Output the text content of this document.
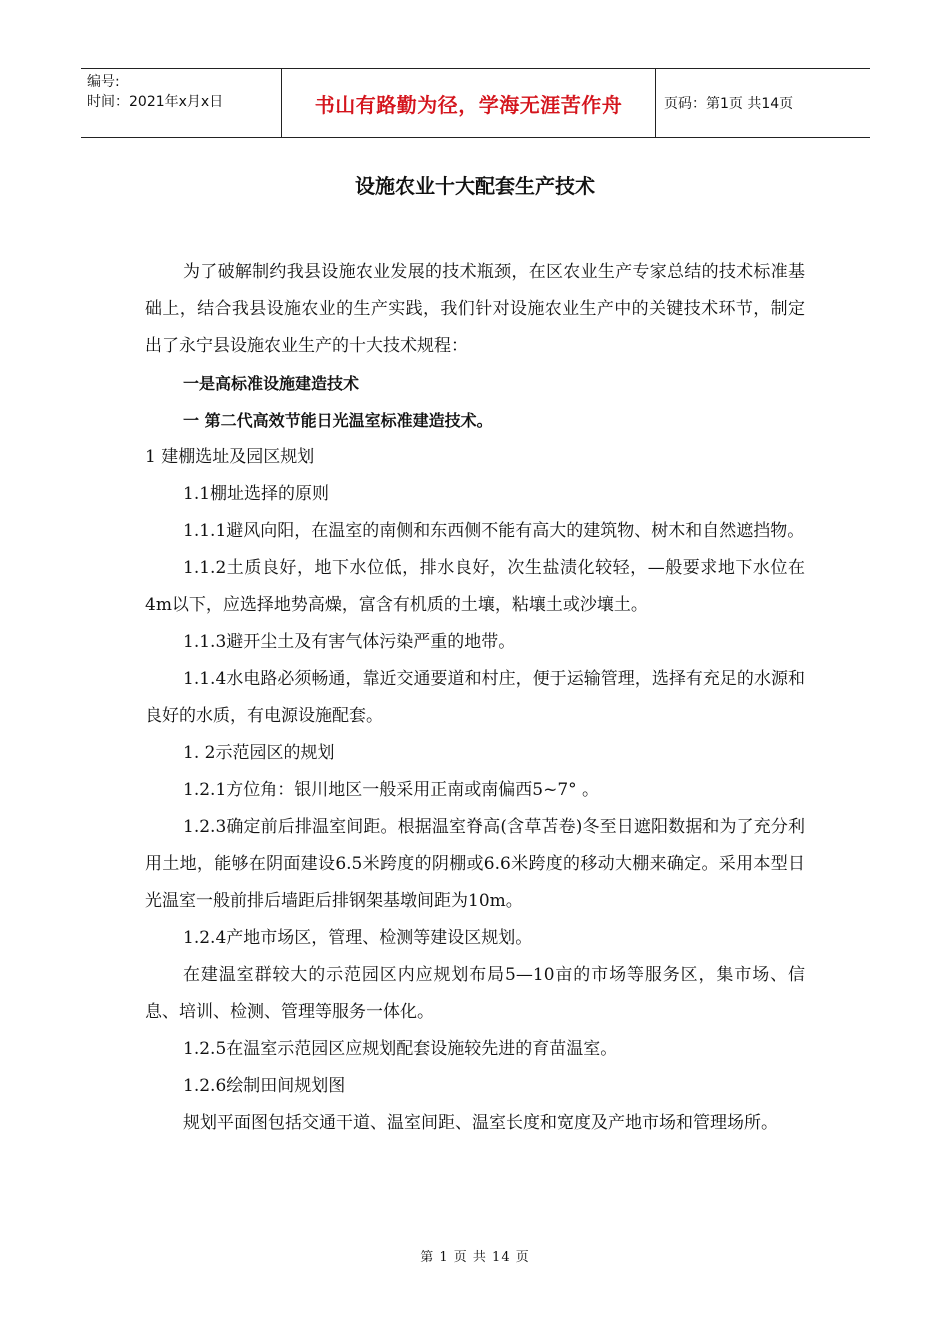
编号:
时间：2021年x月x日	书山有路勤为径，学海无涯苦作舟	页码：第1页 共14页
设施农业十大配套生产技术

为了破解制约我县设施农业发展的技术瓶颈，在区农业生产专家总结的技术标准基础上，结合我县设施农业的生产实践，我们针对设施农业生产中的关键技术环节，制定出了永宁县设施农业生产的十大技术规程：

一是高标准设施建造技术

一 第二代高效节能日光温室标准建造技术。

1 建棚选址及园区规划

1.1棚址选择的原则

1.1.1避风向阳，在温室的南侧和东西侧不能有高大的建筑物、树木和自然遮挡物。

1.1.2土质良好，地下水位低，排水良好，次生盐渍化较轻，—般要求地下水位在4m以下，应选择地势高燥，富含有机质的土壤，粘壤土或沙壤土。

1.1.3避开尘土及有害气体污染严重的地带。

1.1.4水电路必须畅通，靠近交通要道和村庄，便于运输管理，选择有充足的水源和良好的水质，有电源设施配套。

1. 2示范园区的规划

1.2.1方位角：银川地区一般采用正南或南偏西5~7° 。

1.2.3确定前后排温室间距。根据温室脊高(含草苫卷)冬至日遮阳数据和为了充分利用土地，能够在阴面建设6.5米跨度的阴棚或6.6米跨度的移动大棚来确定。采用本型日光温室一般前排后墙距后排钢架基墩间距为10m。

1.2.4产地市场区，管理、检测等建设区规划。

在建温室群较大的示范园区内应规划布局5—10亩的市场等服务区，集市场、信息、培训、检测、管理等服务一体化。

1.2.5在温室示范园区应规划配套设施较先进的育苗温室。

1.2.6绘制田间规划图

规划平面图包括交通干道、温室间距、温室长度和宽度及产地市场和管理场所。

第 1 页 共 14 页
